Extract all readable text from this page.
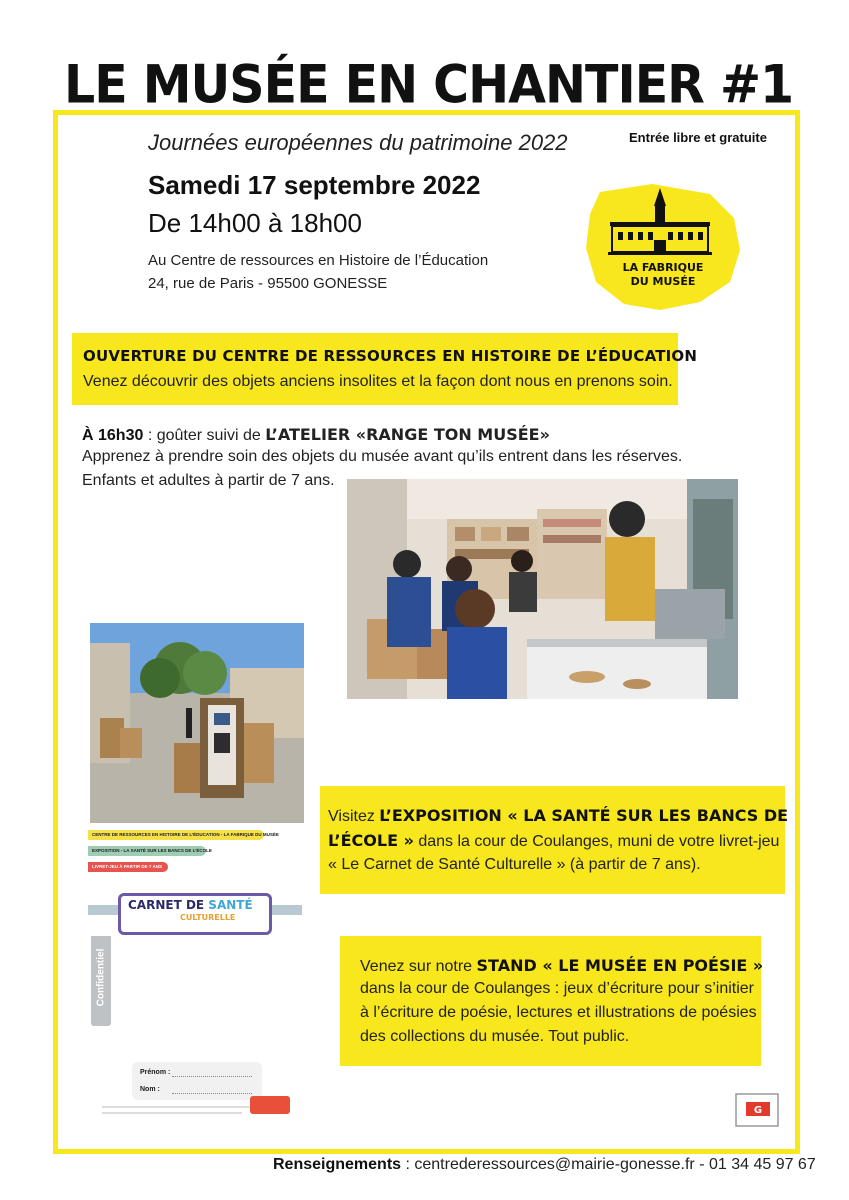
LE MUSÉE EN CHANTIER #1
Journées européennes du patrimoine 2022
Samedi 17 septembre 2022
De 14h00 à 18h00
Au Centre de ressources en Histoire de l’Éducation
24, rue de Paris - 95500 GONESSE
Entrée libre et gratuite
LA FABRIQUE
DU MUSÉE
OUVERTURE DU CENTRE DE RESSOURCES EN HISTOIRE DE L’ÉDUCATION
Venez découvrir des objets anciens insolites et la façon dont nous en prenons soin.
À 16h30 : goûter suivi de L’ATELIER «RANGE TON MUSÉE»
Apprenez à prendre soin des objets du musée avant qu’ils entrent dans les réserves.
Enfants et adultes à partir de 7 ans.
CENTRE DE RESSOURCES EN HISTOIRE DE L’ÉDUCATION - LA FABRIQUE DU MUSÉE
EXPOSITION - LA SANTÉ SUR LES BANCS DE L’ÉCOLE
LIVRET-JEU À PARTIR DE 7 ANS
CARNET DE SANTÉ
CULTURELLE
Confidentiel
Prénom :
Nom :
Visitez L’EXPOSITION « LA SANTÉ SUR LES BANCS DE
L’ÉCOLE » dans la cour de Coulanges, muni de votre livret-jeu
« Le Carnet de Santé Culturelle » (à partir de 7 ans).
Venez sur notre STAND « LE MUSÉE EN POÉSIE »
dans la cour de Coulanges : jeux d’écriture pour s’initier
à l’écriture de poésie, lectures et illustrations de poésies
des collections du musée. Tout public.
G
Renseignements : centrederessources@mairie-gonesse.fr - 01 34 45 97 67
